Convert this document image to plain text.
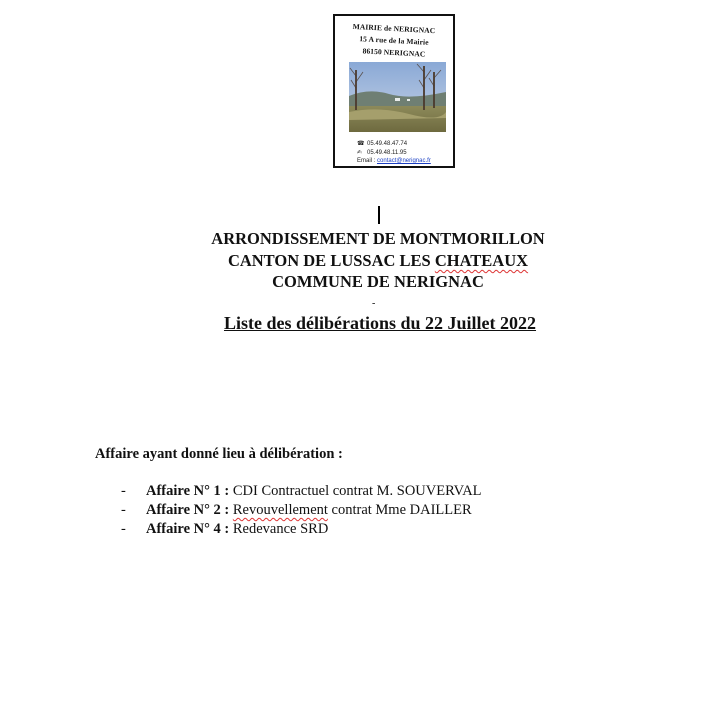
MAIRIE de NERIGNAC
15 A rue de la Mairie
86150 NERIGNAC
☎ 05.49.48.47.74
✍ 05.49.48.11.95
Email : contact@nerignac.fr
ARRONDISSEMENT DE MONTMORILLON
CANTON DE LUSSAC LES CHATEAUX
COMMUNE DE NERIGNAC
-
Liste des délibérations du 22 Juillet 2022
Affaire ayant donné lieu à délibération :
- Affaire N° 1 : CDI Contractuel contrat M. SOUVERVAL
- Affaire N° 2 : Revouvellement contrat Mme DAILLER
- Affaire N° 4 : Redevance SRD
